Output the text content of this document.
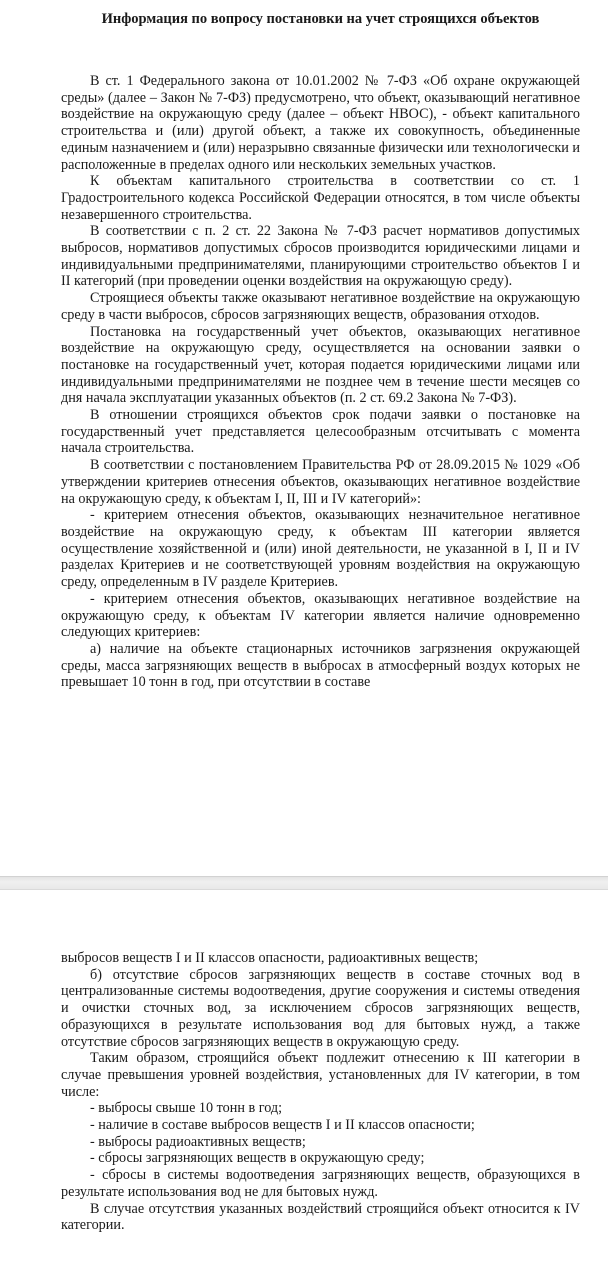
Информация по вопросу постановки на учет строящихся объектов

В ст. 1 Федерального закона от 10.01.2002 № 7-ФЗ «Об охране окружающей среды» (далее – Закон № 7-ФЗ) предусмотрено, что объект, оказывающий негативное воздействие на окружающую среду (далее – объект НВОС), - объект капитального строительства и (или) другой объект, а также их совокупность, объединенные единым назначением и (или) неразрывно связанные физически или технологически и расположенные в пределах одного или нескольких земельных участков.

К объектам капитального строительства в соответствии со ст. 1 Градостроительного кодекса Российской Федерации относятся, в том числе объекты незавершенного строительства.

В соответствии с п. 2 ст. 22 Закона № 7-ФЗ расчет нормативов допустимых выбросов, нормативов допустимых сбросов производится юридическими лицами и индивидуальными предпринимателями, планирующими строительство объектов I и II категорий (при проведении оценки воздействия на окружающую среду).

Строящиеся объекты также оказывают негативное воздействие на окружающую среду в части выбросов, сбросов загрязняющих веществ, образования отходов.

Постановка на государственный учет объектов, оказывающих негативное воздействие на окружающую среду, осуществляется на основании заявки о постановке на государственный учет, которая подается юридическими лицами или индивидуальными предпринимателями не позднее чем в течение шести месяцев со дня начала эксплуатации указанных объектов (п. 2 ст. 69.2 Закона № 7-ФЗ).

В отношении строящихся объектов срок подачи заявки о постановке на государственный учет представляется целесообразным отсчитывать с момента начала строительства.

В соответствии с постановлением Правительства РФ от 28.09.2015 № 1029 «Об утверждении критериев отнесения объектов, оказывающих негативное воздействие на окружающую среду, к объектам I, II, III и IV категорий»:

- критерием отнесения объектов, оказывающих незначительное негативное воздействие на окружающую среду, к объектам III категории является осуществление хозяйственной и (или) иной деятельности, не указанной в I, II и IV разделах Критериев и не соответствующей уровням воздействия на окружающую среду, определенным в IV разделе Критериев.

- критерием отнесения объектов, оказывающих негативное воздействие на окружающую среду, к объектам IV категории является наличие одновременно следующих критериев:

а) наличие на объекте стационарных источников загрязнения окружающей среды, масса загрязняющих веществ в выбросах в атмосферный воздух которых не превышает 10 тонн в год, при отсутствии в составе

выбросов веществ I и II классов опасности, радиоактивных веществ;

б) отсутствие сбросов загрязняющих веществ в составе сточных вод в централизованные системы водоотведения, другие сооружения и системы отведения и очистки сточных вод, за исключением сбросов загрязняющих веществ, образующихся в результате использования вод для бытовых нужд, а также отсутствие сбросов загрязняющих веществ в окружающую среду.

Таким образом, строящийся объект подлежит отнесению к III категории в случае превышения уровней воздействия, установленных для IV категории, в том числе:

- выбросы свыше 10 тонн в год;

- наличие в составе выбросов веществ I и II классов опасности;

- выбросы радиоактивных веществ;

- сбросы загрязняющих веществ в окружающую среду;

- сбросы в системы водоотведения загрязняющих веществ, образующихся в результате использования вод не для бытовых нужд.

В случае отсутствия указанных воздействий строящийся объект относится к IV категории.
